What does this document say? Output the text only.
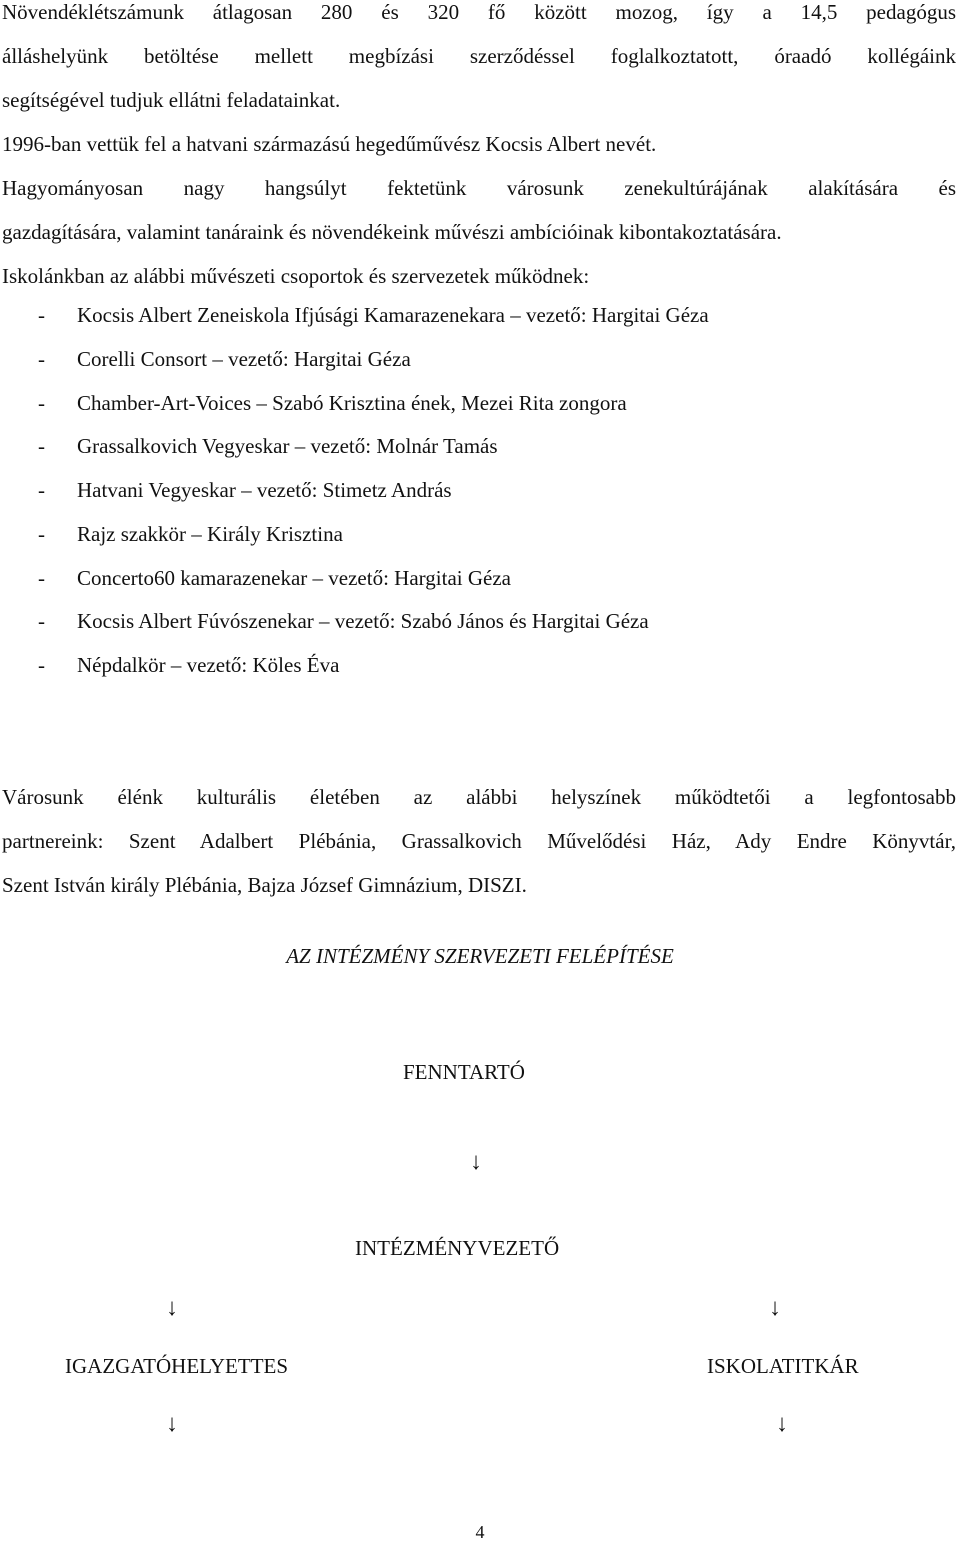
Növendéklétszámunk átlagosan 280 és 320 fő között mozog, így a 14,5 pedagógus
álláshelyünk betöltése mellett megbízási szerződéssel foglalkoztatott, óraadó kollégáink
segítségével tudjuk ellátni feladatainkat.
1996-ban vettük fel a hatvani származású hegedűművész Kocsis Albert nevét.
Hagyományosan nagy hangsúlyt fektetünk városunk zenekultúrájának alakítására és
gazdagítására, valamint tanáraink és növendékeink művészi ambícióinak kibontakoztatására.
Iskolánkban az alábbi művészeti csoportok és szervezetek működnek:
- Kocsis Albert Zeneiskola Ifjúsági Kamarazenekara – vezető: Hargitai Géza
- Corelli Consort – vezető: Hargitai Géza
- Chamber-Art-Voices – Szabó Krisztina ének, Mezei Rita zongora
- Grassalkovich Vegyeskar – vezető: Molnár Tamás
- Hatvani Vegyeskar – vezető: Stimetz András
- Rajz szakkör – Király Krisztina
- Concerto60 kamarazenekar – vezető: Hargitai Géza
- Kocsis Albert Fúvószenekar – vezető: Szabó János és Hargitai Géza
- Népdalkör – vezető: Köles Éva
Városunk élénk kulturális életében az alábbi helyszínek működtetői a legfontosabb
partnereink: Szent Adalbert Plébánia, Grassalkovich Művelődési Ház, Ady Endre Könyvtár,
Szent István király Plébánia, Bajza József Gimnázium, DISZI.
AZ INTÉZMÉNY SZERVEZETI FELÉPÍTÉSE
FENNTARTÓ
↓
INTÉZMÉNYVEZETŐ
↓	↓
IGAZGATÓHELYETTES	ISKOLATITKÁR
↓	↓
4
